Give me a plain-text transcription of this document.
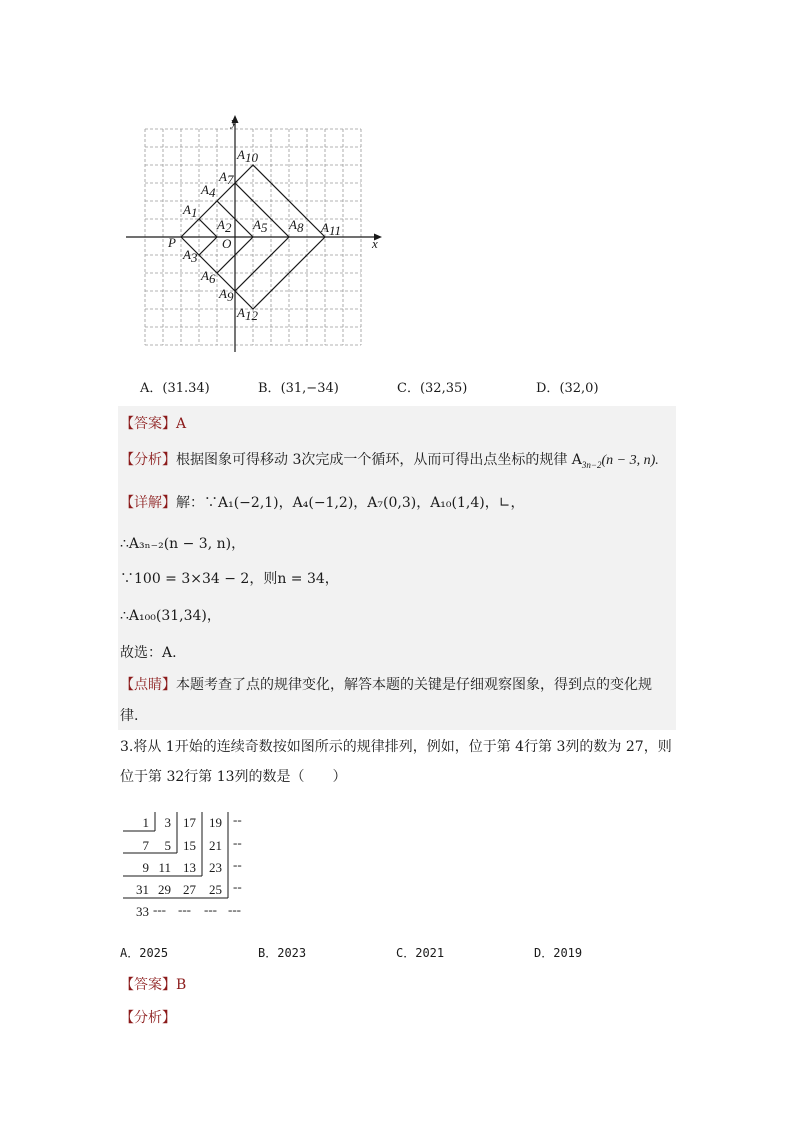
y
x
O
P
A1
A2
A3
A4
A5
A6
A7
A8
A9
A10
A11
A12
A．(31.34)	B．(31,−34)	C．(32,35)	D．(32,0)
【答案】A
【分析】根据图象可得移动 3次完成一个循环，从而可得出点坐标的规律 $A_{3n-2}(n - 3$, n).
【详解】解：∵A₁(−2,1)，A₄(−1,2)，A₇(0,3)，A₁₀(1,4)，∟，
∴A₃ₙ₋₂(n − 3, n)，
∵100 = 3×34 − 2，则n = 34，
∴A₁₀₀(31,34)，
故选：A.
【点睛】本题考查了点的规律变化，解答本题的关键是仔细观察图象，得到点的变化规
律.
3.将从 1开始的连续奇数按如图所示的规律排列，例如，位于第 4行第 3列的数为 27，则
位于第 32行第 13列的数是（　　）
1 3 17 19 --
7 5 15 21 --
9 11 13 23 --
31 29 27 25 --
33 --- --- --- ---
A．2025	B．2023	C．2021	D．2019
【答案】B
【分析】
